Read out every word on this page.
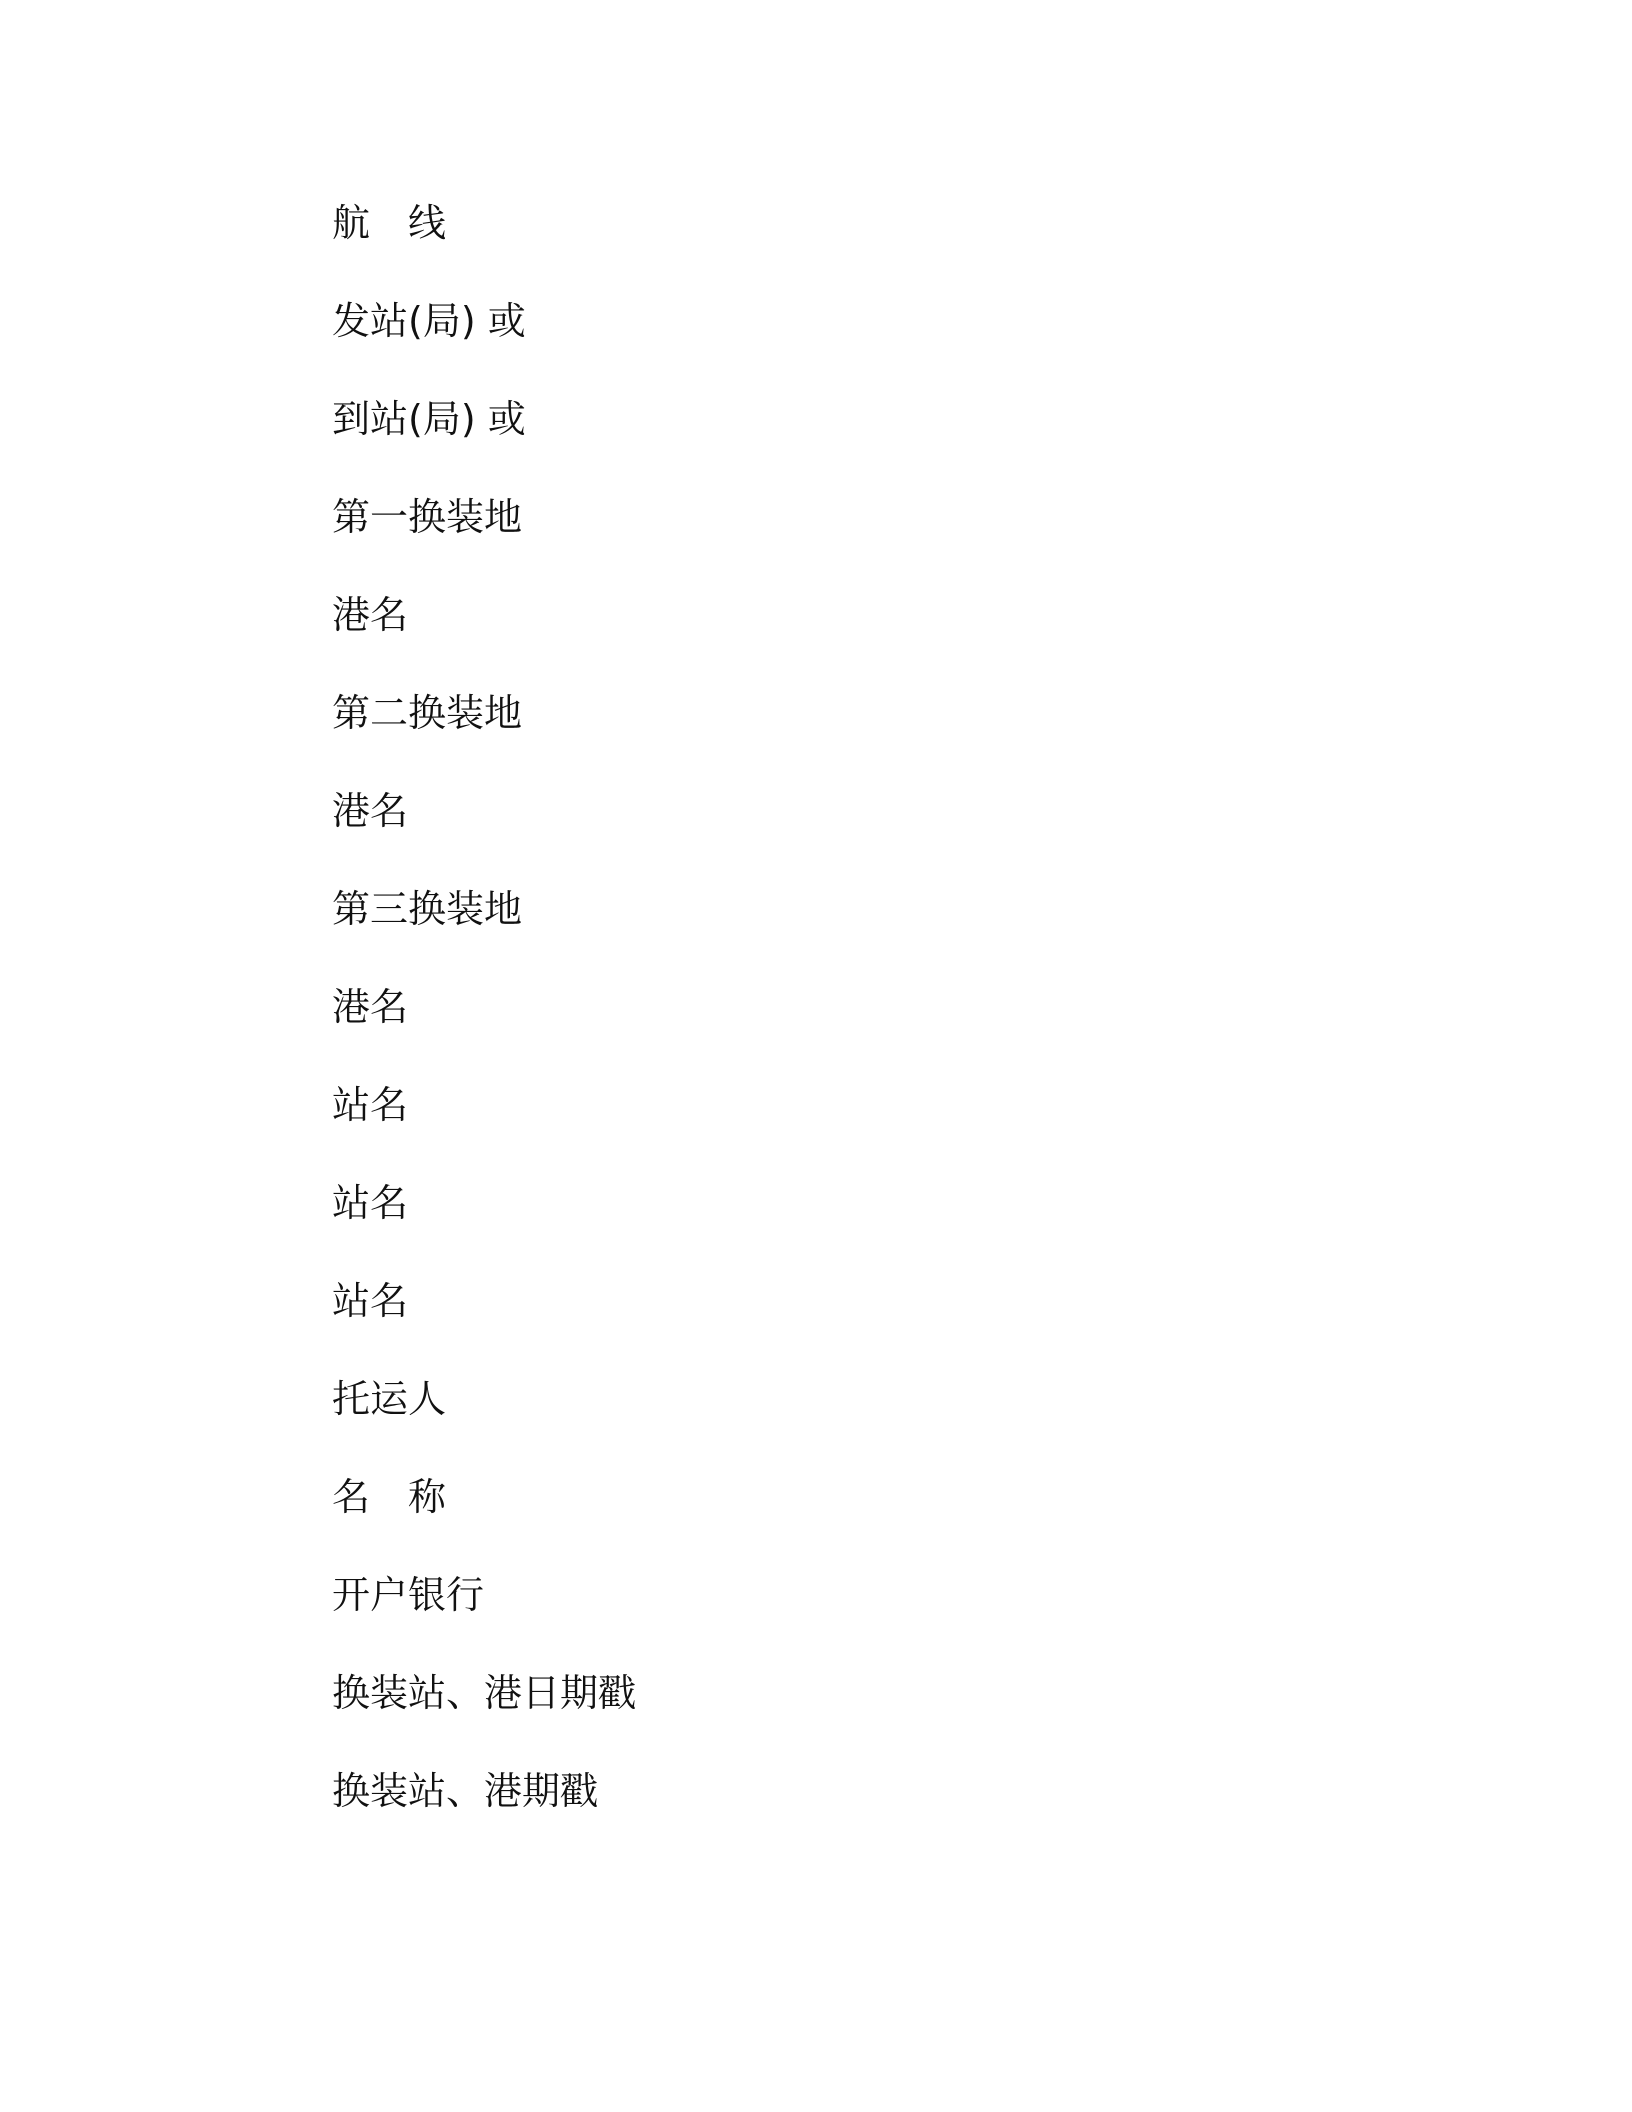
航　线
发站(局) 或
到站(局) 或
第一换装地
港名
第二换装地
港名
第三换装地
港名
站名
站名
站名
托运人
名　称
开户银行
换装站、港日期戳
换装站、港期戳
